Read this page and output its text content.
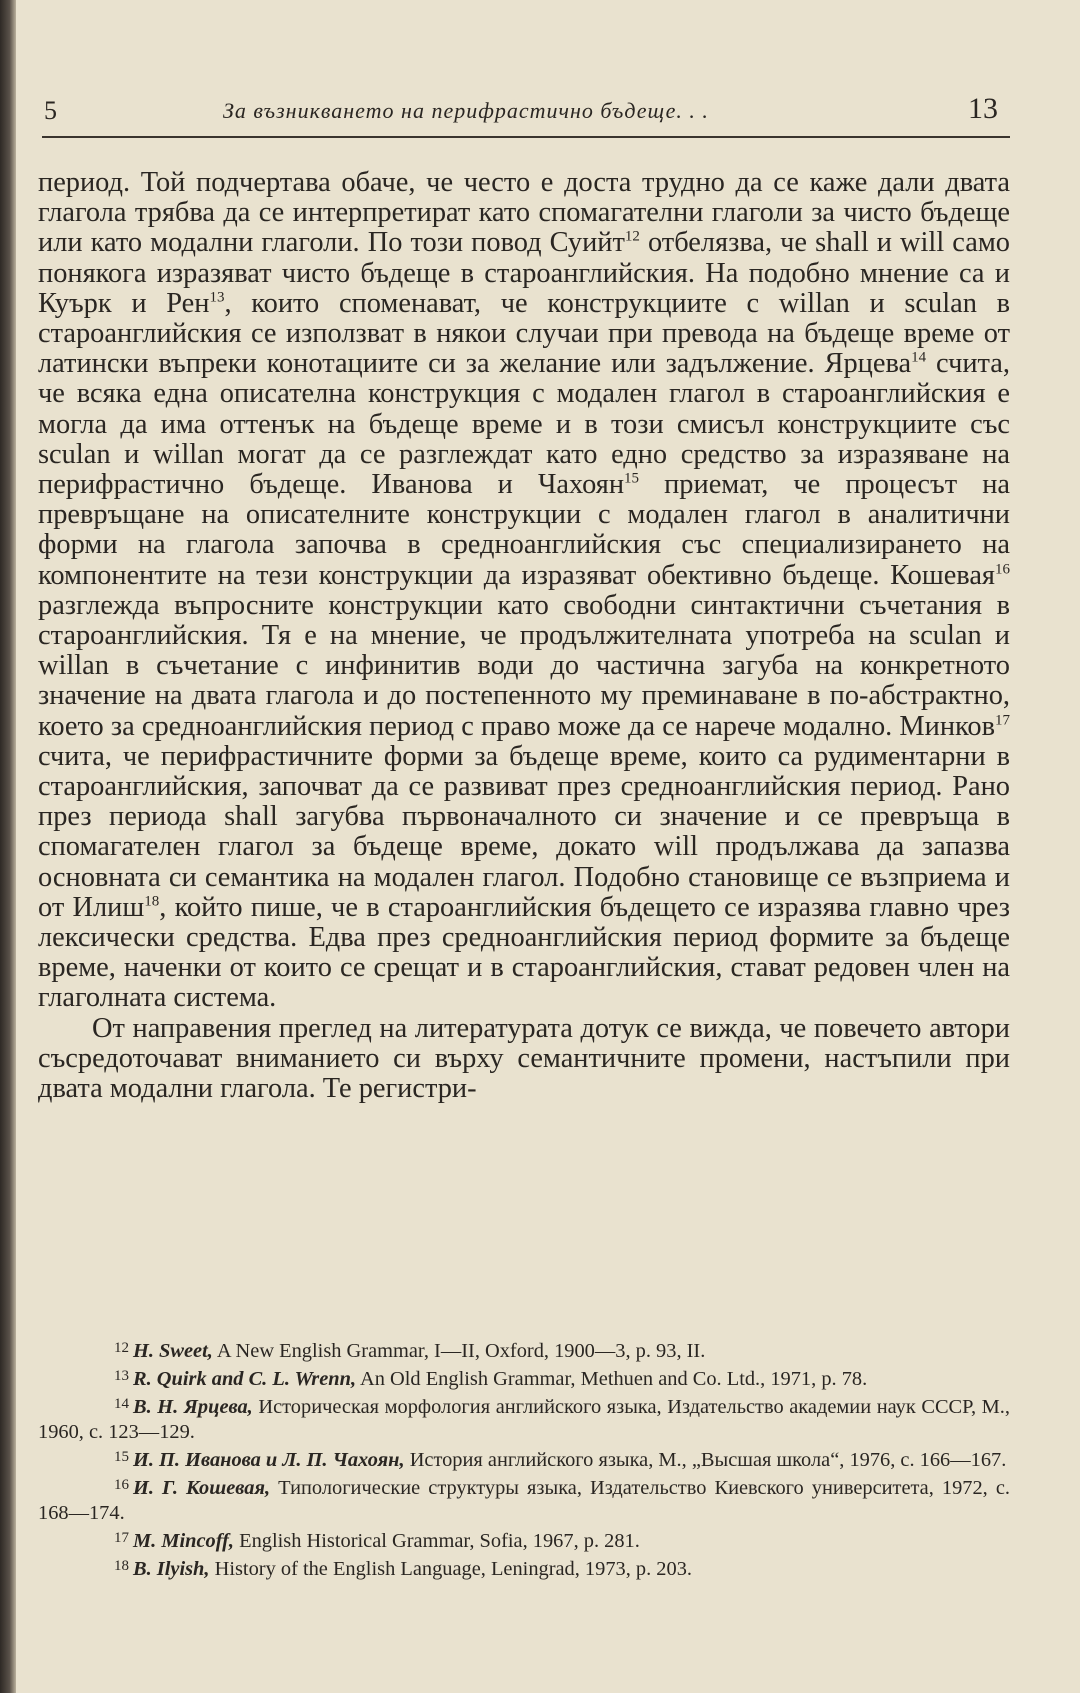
5	За възникването на перифрастично бъдеще. . .	13

период. Той подчертава обаче, че често е доста трудно да се каже дали двата глагола трябва да се интерпретират като спомагателни глаголи за чисто бъдеще или като модални глаголи. По този повод Суийт$^{12}$ отбелязва, че shall и will само понякога изразяват чисто бъдеще в староанглийския. На подобно мнение са и Куърк и Рен$^{13}$, които споменават, че конструкциите с willan и sculan в староанглийския се използват в някои случаи при превода на бъдеще време от латински въпреки конотациите си за желание или задължение. Ярцева$^{14}$ счита, че всяка една описателна конструкция с модален глагол в староанглийския е могла да има оттенък на бъдеще време и в този смисъл конструкциите със sculan и willan могат да се разглеждат като едно средство за изразяване на перифрастично бъдеще. Иванова и Чахоян$^{15}$ приемат, че процесът на превръщане на описателните конструкции с модален глагол в аналитични форми на глагола започва в средноанглийския със специализирането на компонентите на тези конструкции да изразяват обективно бъдеще. Кошевая$^{16}$ разглежда въпросните конструкции като свободни синтактични съчетания в староанглийския. Тя е на мнение, че продължителната употреба на sculan и willan в съчетание с инфинитив води до частична загуба на конкретното значение на двата глагола и до постепенното му преминаване в по-абстрактно, което за средноанглийския период с право може да се нарече модално. Минков$^{17}$ счита, че перифрастичните форми за бъдеще време, които са рудиментарни в староанглийския, започват да се развиват през средноанглийския период. Рано през периода shall загубва първоначалното си значение и се превръща в спомагателен глагол за бъдеще време, докато will продължава да запазва основната си семантика на модален глагол. Подобно становище се възприема и от Илиш$^{18}$, който пише, че в староанглийския бъдещето се изразява главно чрез лексически средства. Едва през средноанглийския период формите за бъдеще време, наченки от които се срещат и в староанглийския, стават редовен член на глаголната система.

От направения преглед на литературата дотук се вижда, че повечето автори съсредоточават вниманието си върху семантичните промени, настъпили при двата модални глагола. Те регистри-

$^{12}$ H. Sweet, A New English Grammar, I—II, Oxford, 1900—3, p. 93, II.

$^{13}$ R. Quirk and C. L. Wrenn, An Old English Grammar, Methuen and Co. Ltd., 1971, p. 78.

$^{14}$ В. Н. Ярцева, Историческая морфология английского языка, Издательство академии наук СССР, М., 1960, с. 123—129.

$^{15}$ И. П. Иванова и Л. П. Чахоян, История английского языка, М., „Высшая школа“, 1976, с. 166—167.

$^{16}$ И. Г. Кошевая, Типологические структуры языка, Издательство Киевского университета, 1972, с. 168—174.

$^{17}$ M. Mincoff, English Historical Grammar, Sofia, 1967, p. 281.

$^{18}$ B. Ilyish, History of the English Language, Leningrad, 1973, p. 203.
